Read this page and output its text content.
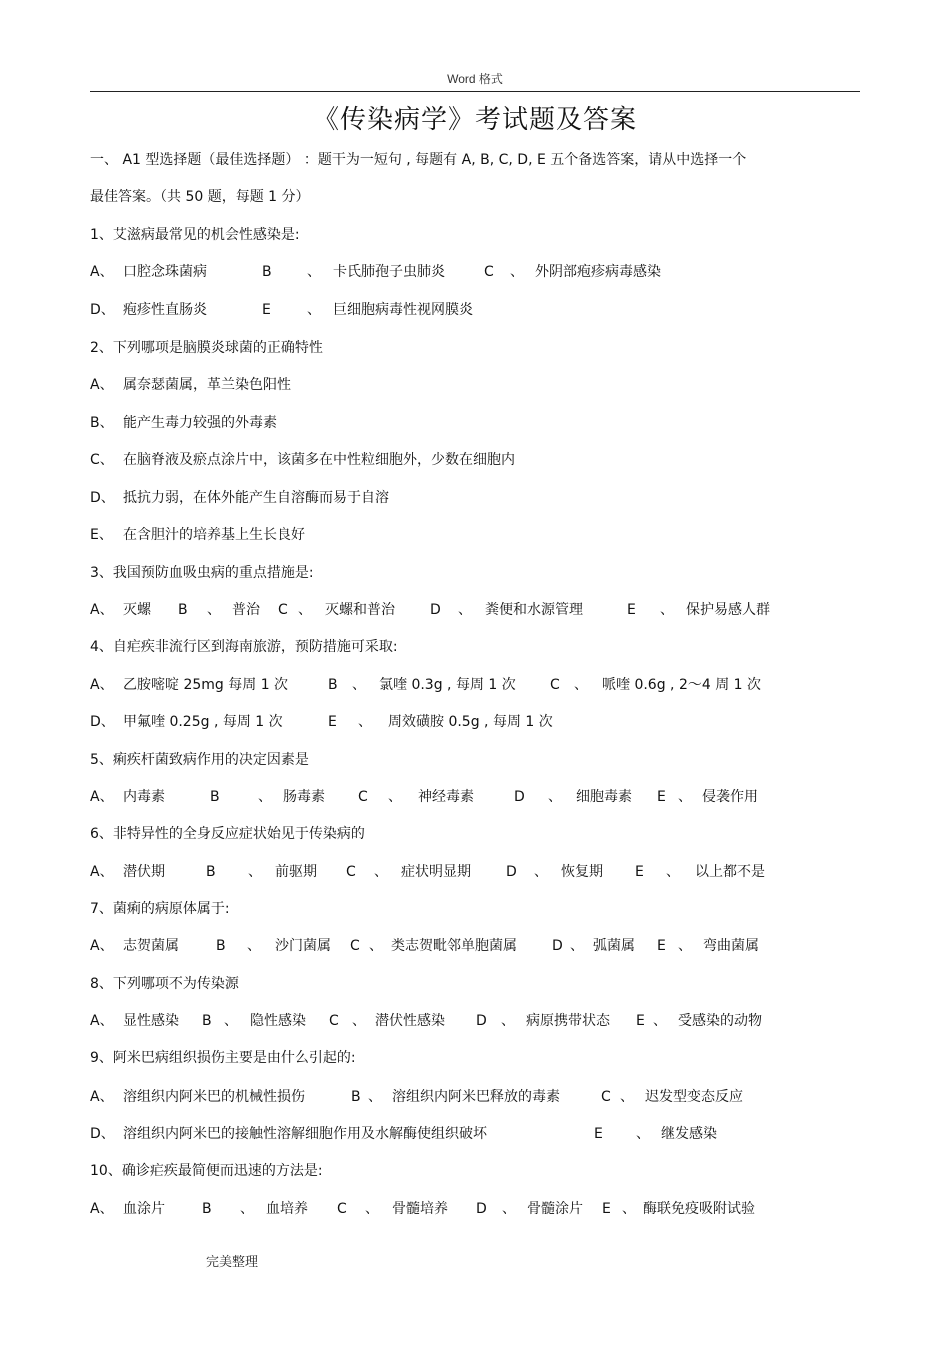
Word 格式
《传染病学》考试题及答案
一、 A1 型选择题（最佳选择题） ：题干为一短句 , 每题有 A, B, C, D, E 五个备选答案，请从中选择一个
最佳答案。（共 50 题，每题 1 分）
1、艾滋病最常见的机会性感染是:
A、 口腔念珠菌病	B	、 卡氏肺孢子虫肺炎	C 、 外阴部疱疹病毒感染
D、 疱疹性直肠炎	E	、 巨细胞病毒性视网膜炎
2、下列哪项是脑膜炎球菌的正确特性
A、 属奈瑟菌属，革兰染色阳性
B、 能产生毒力较强的外毒素
C、 在脑脊液及瘀点涂片中，该菌多在中性粒细胞外，少数在细胞内
D、 抵抗力弱，在体外能产生自溶酶而易于自溶
E、 在含胆汁的培养基上生长良好
3、我国预防血吸虫病的重点措施是:
A、 灭螺 B 、 普治 C 、 灭螺和普治	D 、 粪便和水源管理	E 、 保护易感人群
4、自疟疾非流行区到海南旅游，预防措施可采取:
A、 乙胺嘧啶 25mg 每周 1 次	B 、 氯喹 0.3g , 每周 1 次 C 、 哌喹 0.6g , 2～4 周 1 次
D、 甲氟喹 0.25g , 每周 1 次	E 、 周效磺胺 0.5g , 每周 1 次
5、痢疾杆菌致病作用的决定因素是
A、 内毒素	B	、 肠毒素 C 、 神经毒素	D 、 细胞毒素 E 、 侵袭作用
6、非特异性的全身反应症状始见于传染病的
A、 潜伏期	B 、 前驱期 C 、 症状明显期	D 、 恢复期 E 、 以上都不是
7、菌痢的病原体属于:
A、 志贺菌属	B 、 沙门菌属 C 、 类志贺毗邻单胞菌属	D 、 弧菌属 E 、 弯曲菌属
8、下列哪项不为传染源
A、 显性感染 B 、 隐性感染 C 、 潜伏性感染 D 、 病原携带状态 E 、 受感染的动物
9、阿米巴病组织损伤主要是由什么引起的:
A、 溶组织内阿米巴的机械性损伤	B 、 溶组织内阿米巴释放的毒素	C 、 迟发型变态反应
D、 溶组织内阿米巴的接触性溶解细胞作用及水解酶使组织破坏	E 、 继发感染
10、确诊疟疾最简便而迅速的方法是:
A、 血涂片	B 、 血培养 C 、 骨髓培养 D 、 骨髓涂片 E 、 酶联免疫吸附试验
完美整理
